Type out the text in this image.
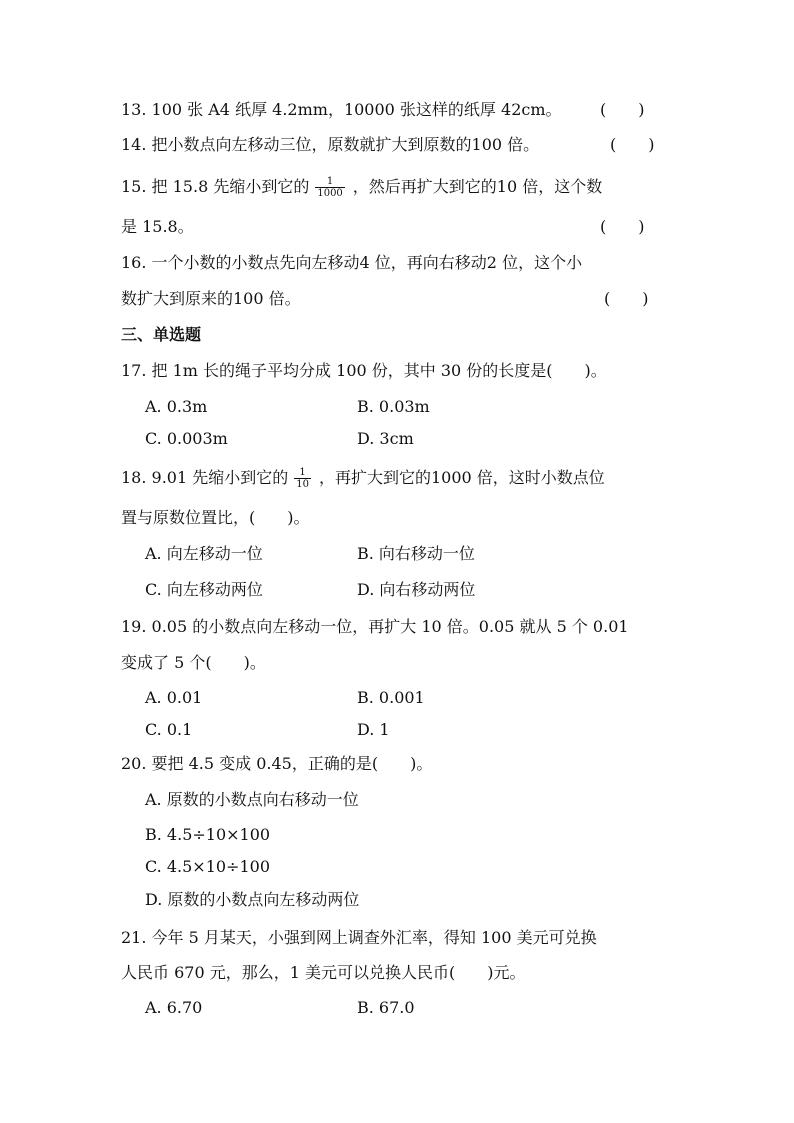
13. 100 张 A4 纸厚 4.2mm，10000 张这样的纸厚 42cm。 (　　)
14. 把小数点向左移动三位，原数就扩大到原数的100 倍。	(　　)
15. 把 15.8 先缩小到它的 $\frac{1}{1000}$ ，然后再扩大到它的10 倍，这个数
是 15.8。	(　　)
16. 一个小数的小数点先向左移动4 位，再向右移动2 位，这个小
数扩大到原来的100 倍。	(　　)
三、单选题
17. 把 1m 长的绳子平均分成 100 份，其中 30 份的长度是(　　)。
A. 0.3m	B. 0.03m
C. 0.003m	D. 3cm
18. 9.01 先缩小到它的 $\frac{1}{10}$ ，再扩大到它的1000 倍，这时小数点位
置与原数位置比，(　　)。
A. 向左移动一位	B. 向右移动一位
C. 向左移动两位	D. 向右移动两位
19. 0.05 的小数点向左移动一位，再扩大 10 倍。0.05 就从 5 个 0.01
变成了 5 个(　　)。
A. 0.01	B. 0.001
C. 0.1	D. 1
20. 要把 4.5 变成 0.45，正确的是(　　)。
A. 原数的小数点向右移动一位
B. 4.5÷10×100
C. 4.5×10÷100
D. 原数的小数点向左移动两位
21. 今年 5 月某天，小强到网上调查外汇率，得知 100 美元可兑换
人民币 670 元，那么，1 美元可以兑换人民币(　　)元。
A. 6.70	B. 67.0
